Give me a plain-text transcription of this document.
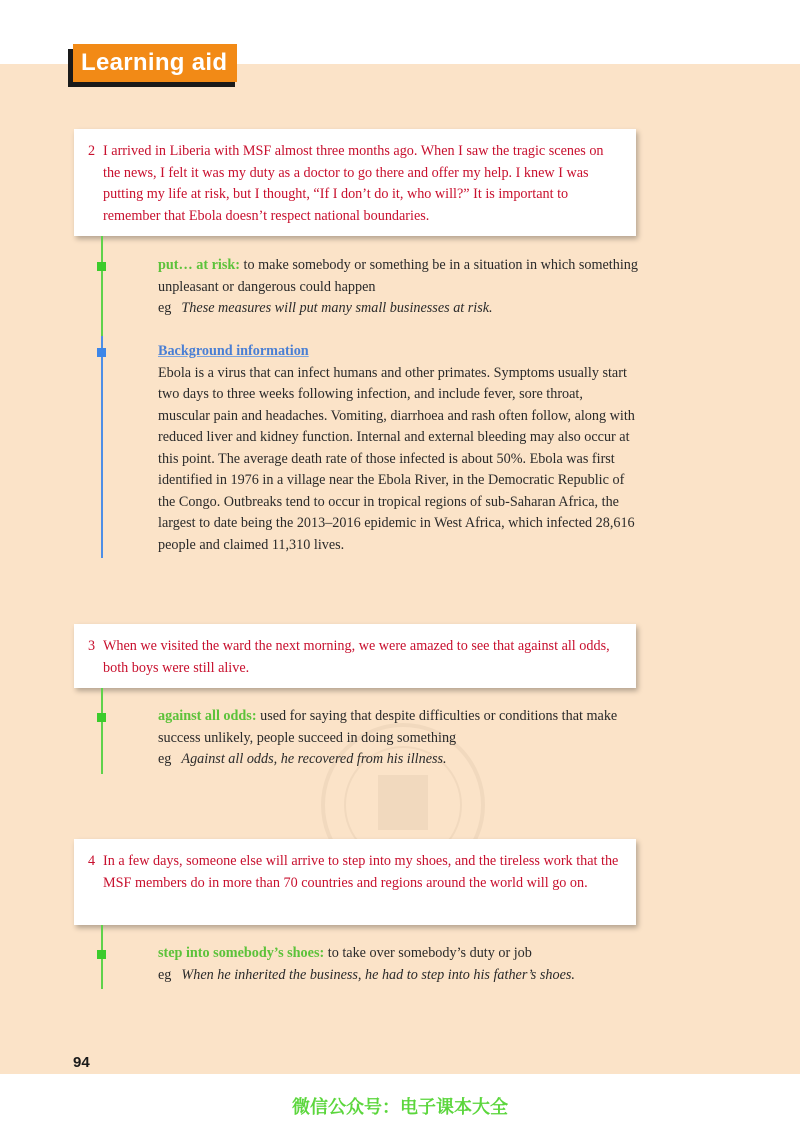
Learning aid
2 I arrived in Liberia with MSF almost three months ago. When I saw the tragic scenes on the news, I felt it was my duty as a doctor to go there and offer my help. I knew I was putting my life at risk, but I thought, “If I don’t do it, who will?” It is important to remember that Ebola doesn’t respect national boundaries.
put… at risk: to make somebody or something be in a situation in which something unpleasant or dangerous could happen
eg These measures will put many small businesses at risk.
Background information
Ebola is a virus that can infect humans and other primates. Symptoms usually start two days to three weeks following infection, and include fever, sore throat, muscular pain and headaches. Vomiting, diarrhoea and rash often follow, along with reduced liver and kidney function. Internal and external bleeding may also occur at this point. The average death rate of those infected is about 50%. Ebola was first identified in 1976 in a village near the Ebola River, in the Democratic Republic of the Congo. Outbreaks tend to occur in tropical regions of sub-Saharan Africa, the largest to date being the 2013–2016 epidemic in West Africa, which infected 28,616 people and claimed 11,310 lives.
3 When we visited the ward the next morning, we were amazed to see that against all odds, both boys were still alive.
against all odds: used for saying that despite difficulties or conditions that make success unlikely, people succeed in doing something
eg Against all odds, he recovered from his illness.
4 In a few days, someone else will arrive to step into my shoes, and the tireless work that the MSF members do in more than 70 countries and regions around the world will go on.
step into somebody’s shoes: to take over somebody’s duty or job
eg When he inherited the business, he had to step into his father’s shoes.
94
微信公众号：电子课本大全
